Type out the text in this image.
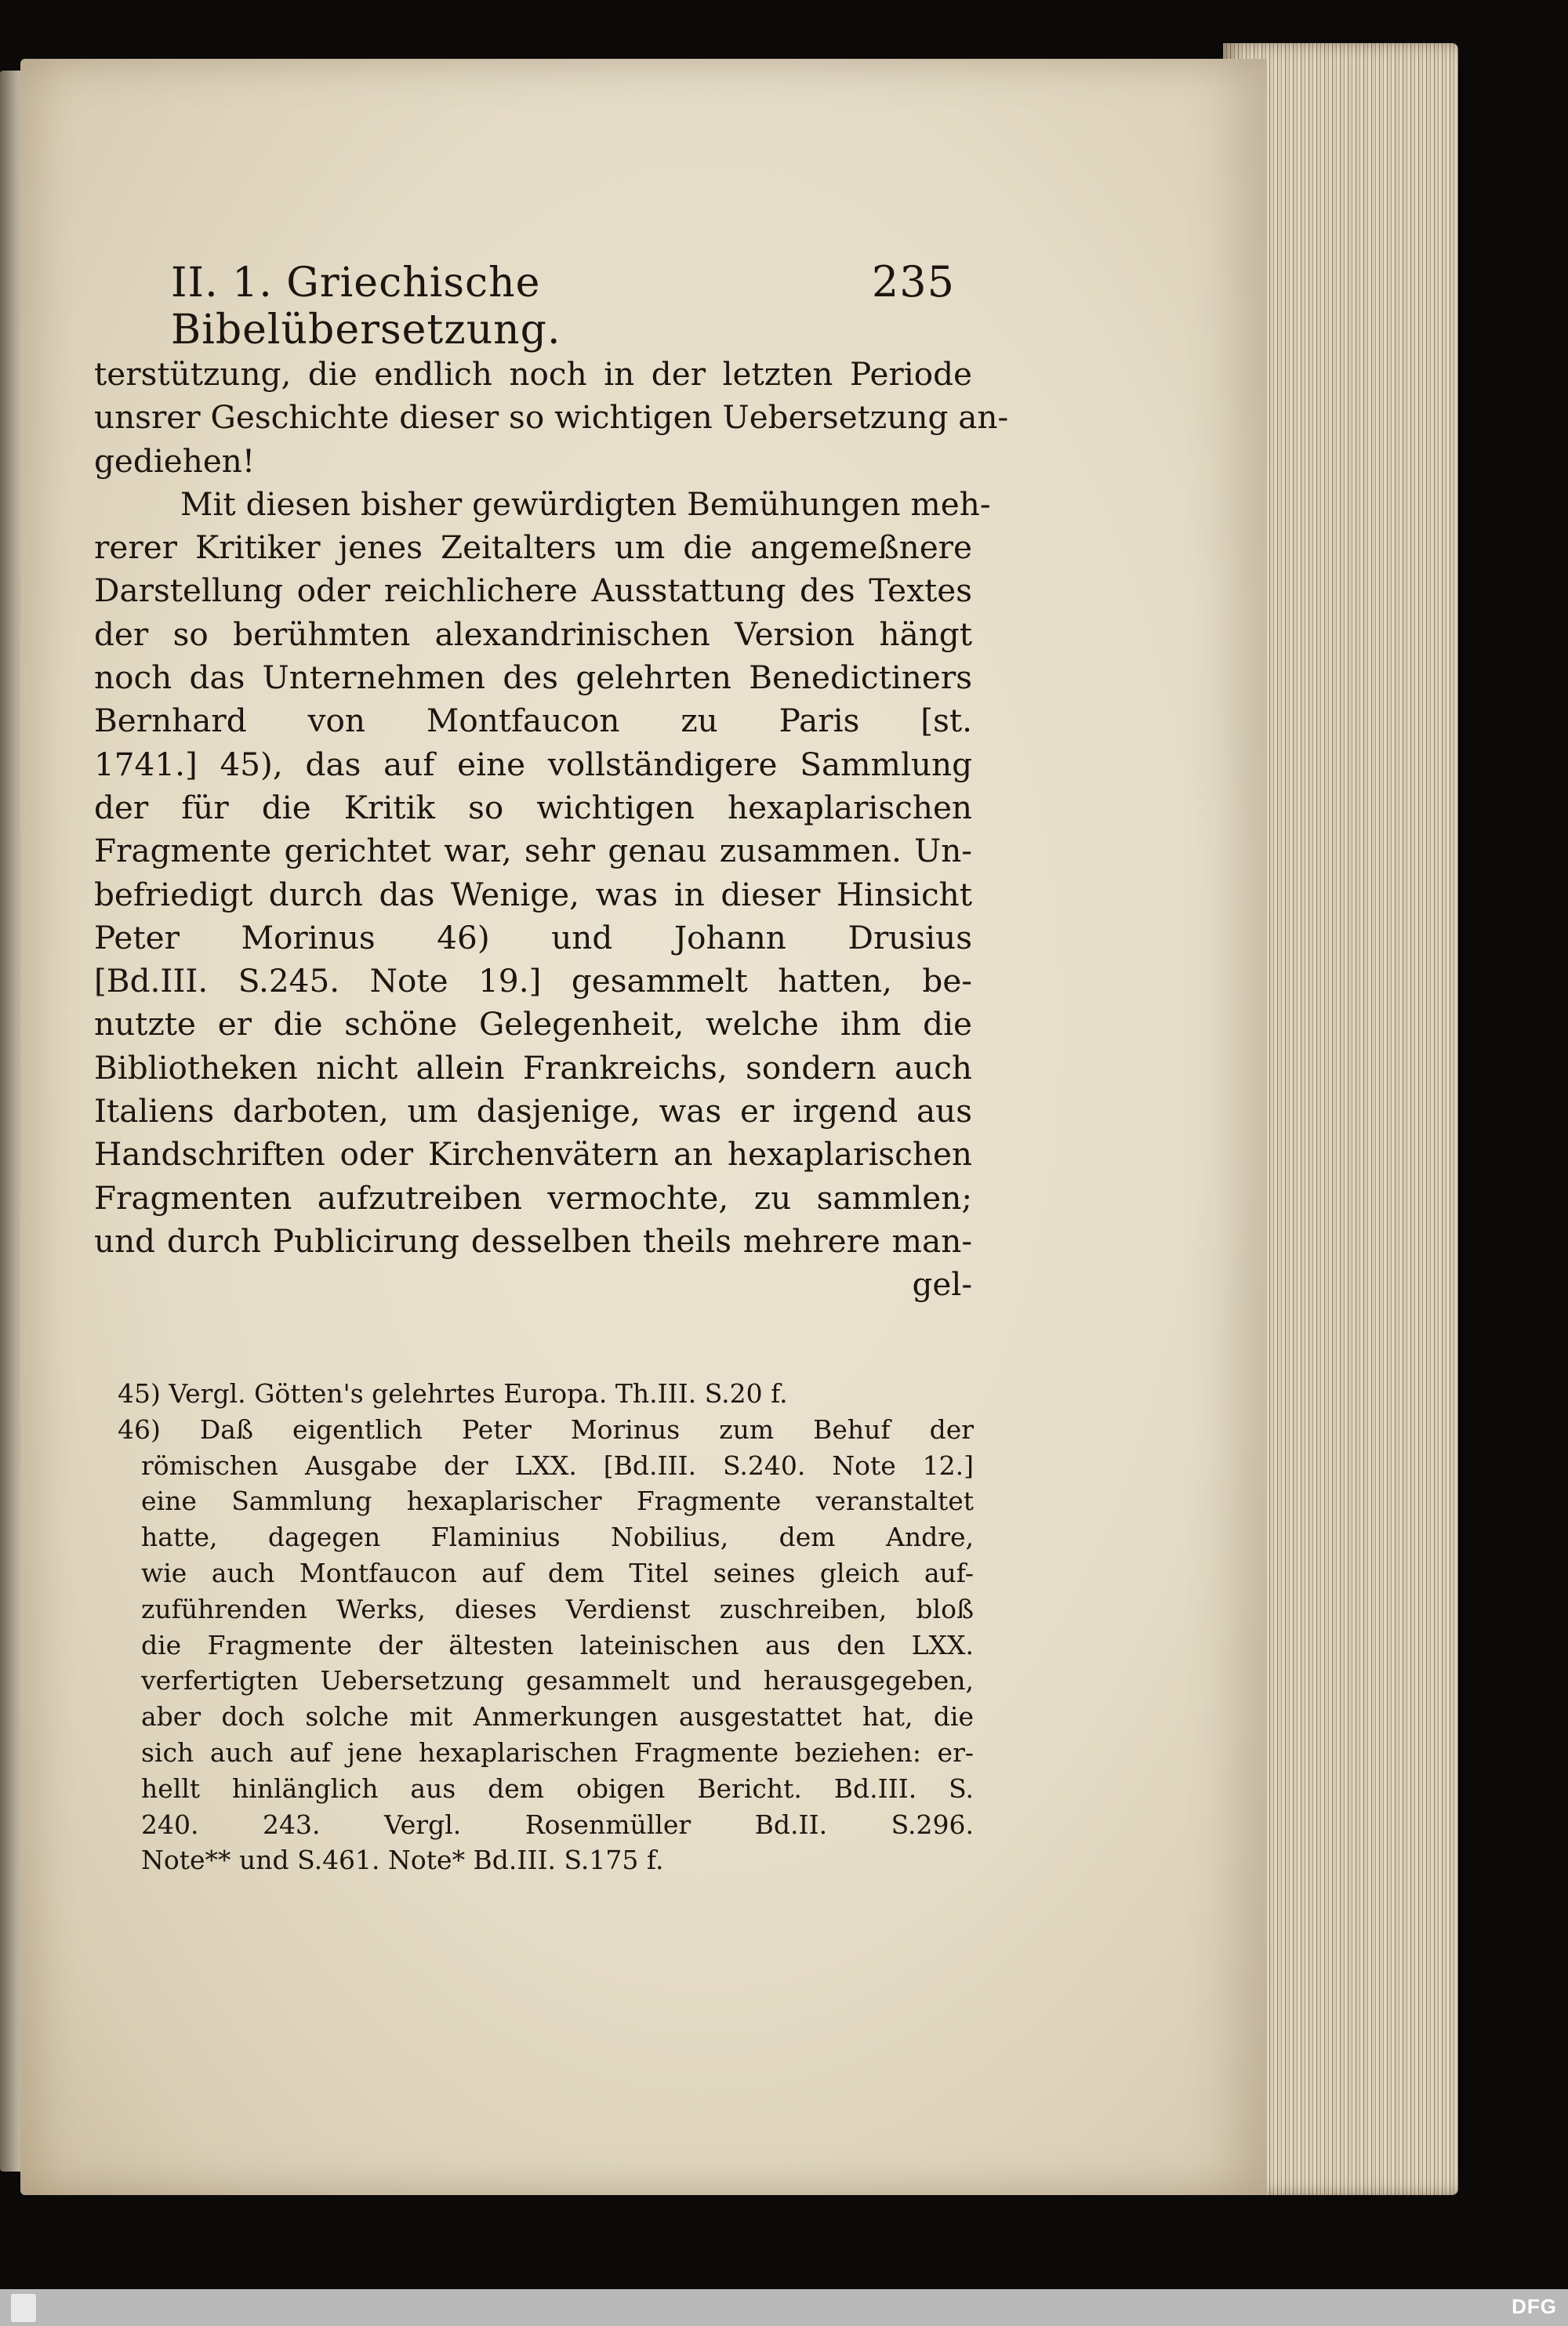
II. 1. Griechische Bibelübersetzung.
235
terstützung, die endlich noch in der letzten Periode
unsrer Geschichte dieser so wichtigen Uebersetzung an-
gediehen!
Mit diesen bisher gewürdigten Bemühungen meh-
rerer Kritiker jenes Zeitalters um die angemeßnere
Darstellung oder reichlichere Ausstattung des Textes
der so berühmten alexandrinischen Version hängt
noch das Unternehmen des gelehrten Benedictiners
Bernhard von Montfaucon zu Paris [st.
1741.] 45), das auf eine vollständigere Sammlung
der für die Kritik so wichtigen hexaplarischen
Fragmente gerichtet war, sehr genau zusammen. Un-
befriedigt durch das Wenige, was in dieser Hinsicht
Peter Morinus 46) und Johann Drusius
[Bd.III. S.245. Note 19.] gesammelt hatten, be-
nutzte er die schöne Gelegenheit, welche ihm die
Bibliotheken nicht allein Frankreichs, sondern auch
Italiens darboten, um dasjenige, was er irgend aus
Handschriften oder Kirchenvätern an hexaplarischen
Fragmenten aufzutreiben vermochte, zu sammlen;
und durch Publicirung desselben theils mehrere man-
gel-
45) Vergl. Götten's gelehrtes Europa. Th.III. S.20 f.
46) Daß eigentlich Peter Morinus zum Behuf der
römischen Ausgabe der LXX. [Bd.III. S.240. Note 12.]
eine Sammlung hexaplarischer Fragmente veranstaltet
hatte, dagegen Flaminius Nobilius, dem Andre,
wie auch Montfaucon auf dem Titel seines gleich auf-
zuführenden Werks, dieses Verdienst zuschreiben, bloß
die Fragmente der ältesten lateinischen aus den LXX.
verfertigten Uebersetzung gesammelt und herausgegeben,
aber doch solche mit Anmerkungen ausgestattet hat, die
sich auch auf jene hexaplarischen Fragmente beziehen: er-
hellt hinlänglich aus dem obigen Bericht. Bd.III. S.
240. 243. Vergl. Rosenmüller Bd.II. S.296.
Note** und S.461. Note* Bd.III. S.175 f.
DFG
